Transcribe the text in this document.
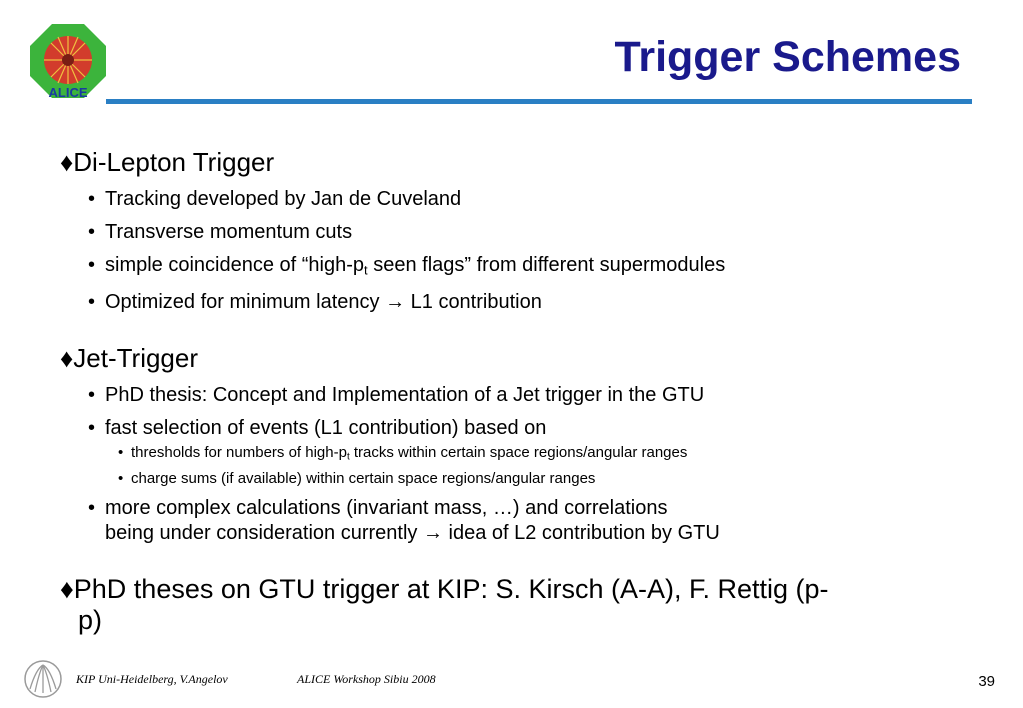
ALICE
Trigger Schemes

♦Di-Lepton Trigger

• Tracking developed by Jan de Cuveland

• Transverse momentum cuts

• simple coincidence of “$high-p_t$ seen flags” from different supermodules

• Optimized for minimum latency → L1 contribution

♦Jet-Trigger

• PhD thesis: Concept and Implementation of a Jet trigger in the GTU

• fast selection of events (L1 contribution) based on

• thresholds for numbers of high-$p_t$ tracks within certain space regions/angular ranges

• charge sums (if available) within certain space regions/angular ranges

• more complex calculations (invariant mass, …) and correlations
being under consideration currently → idea of L2 contribution by GTU

♦PhD theses on GTU trigger at KIP: S. Kirsch (A-A), F. Rettig (p-
p)

KIP Uni-Heidelberg, V.Angelov	ALICE Workshop Sibiu 2008	39
